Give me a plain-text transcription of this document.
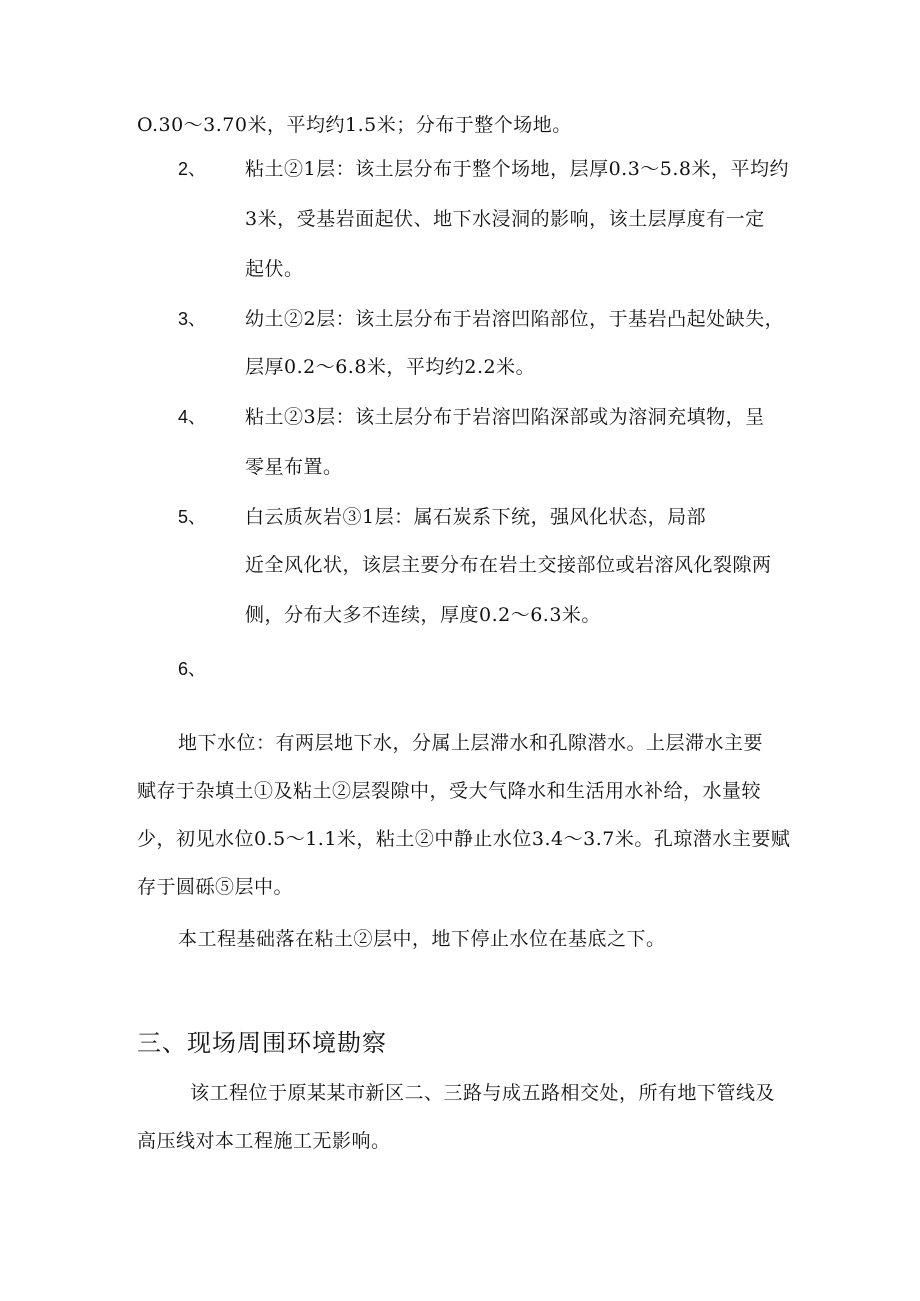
O.30～3.70米，平均约1.5米；分布于整个场地。
2、 粘土②1层：该土层分布于整个场地，层厚0.3～5.8米，平均约
3米，受基岩面起伏、地下水浸洞的影响，该土层厚度有一定
起伏。
3、 幼土②2层：该土层分布于岩溶凹陷部位，于基岩凸起处缺失，
层厚0.2～6.8米，平均约2.2米。
4、 粘土②3层：该土层分布于岩溶凹陷深部或为溶洞充填物，呈
零星布置。
5、 白云质灰岩③1层：属石炭系下统，强风化状态，局部
近全风化状，该层主要分布在岩土交接部位或岩溶风化裂隙两
侧，分布大多不连续，厚度0.2～6.3米。
6、
地下水位：有两层地下水，分属上层滞水和孔隙潜水。上层滞水主要
赋存于杂填土①及粘土②层裂隙中，受大气降水和生活用水补给，水量较
少，初见水位0.5～1.1米，粘土②中静止水位3.4～3.7米。孔琼潜水主要赋
存于圆砾⑤层中。
本工程基础落在粘土②层中，地下停止水位在基底之下。
三、现场周围环境勘察
该工程位于原某某市新区二、三路与成五路相交处，所有地下管线及
高压线对本工程施工无影响。
